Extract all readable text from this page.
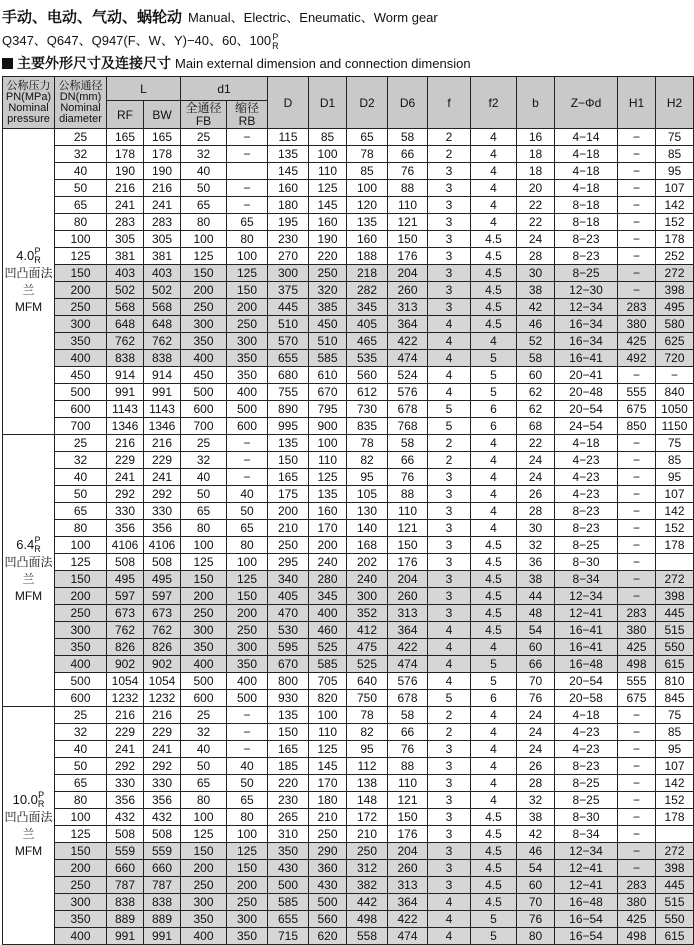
手动、电动、气动、蜗轮动 Manual、Electric、Eneumatic、Worm gear
Q347、Q647、Q947(F、W、Y)−40、60、100P
R
主要外形尺寸及连接尺寸 Main external dimension and connection dimension
公称压力PN(MPa)
Nominal pressure	公称通径DN(mm)
Nominal diameter	L		d1		D	D1	D2	D6	f	f2	b	Z−Φd	H1	H2
		RF	BW	全通径FB	缩径RB										
4.0P
R
凹凸面法兰
MFM	25	165	165	25	−	115	85	65	58	2	4	16	4−14	−	75
	32	178	178	32	−	135	100	78	66	2	4	18	4−18	−	85
	40	190	190	40		145	110	85	76	3	4	18	4−18	−	95
	50	216	216	50	−	160	125	100	88	3	4	20	4−18	−	107
	65	241	241	65	−	180	145	120	110	3	4	22	8−18	−	142
	80	283	283	80	65	195	160	135	121	3	4	22	8−18	−	152
	100	305	305	100	80	230	190	160	150	3	4.5	24	8−23	−	178
	125	381	381	125	100	270	220	188	176	3	4.5	28	8−23	−	252
	150	403	403	150	125	300	250	218	204	3	4.5	30	8−25	−	272
	200	502	502	200	150	375	320	282	260	3	4.5	38	12−30	−	398
	250	568	568	250	200	445	385	345	313	3	4.5	42	12−34	283	495
	300	648	648	300	250	510	450	405	364	4	4.5	46	16−34	380	580
	350	762	762	350	300	570	510	465	422	4	4	52	16−34	425	625
	400	838	838	400	350	655	585	535	474	4	5	58	16−41	492	720
	450	914	914	450	350	680	610	560	524	4	5	60	20−41	−	−
	500	991	991	500	400	755	670	612	576	4	5	62	20−48	555	840
	600	1143	1143	600	500	890	795	730	678	5	6	62	20−54	675	1050
	700	1346	1346	700	600	995	900	835	768	5	6	68	24−54	850	1150
6.4P
R
凹凸面法兰
MFM	25	216	216	25	−	135	100	78	58	2	4	22	4−18	−	75
	32	229	229	32	−	150	110	82	66	2	4	24	4−23	−	85
	40	241	241	40	−	165	125	95	76	3	4	24	4−23	−	95
	50	292	292	50	40	175	135	105	88	3	4	26	4−23	−	107
	65	330	330	65	50	200	160	130	110	3	4	28	8−23	−	142
	80	356	356	80	65	210	170	140	121	3	4	30	8−23	−	152
	100	4106	4106	100	80	250	200	168	150	3	4.5	32	8−25	−	178
	125	508	508	125	100	295	240	202	176	3	4.5	36	8−30	−	
	150	495	495	150	125	340	280	240	204	3	4.5	38	8−34	−	272
	200	597	597	200	150	405	345	300	260	3	4.5	44	12−34	−	398
	250	673	673	250	200	470	400	352	313	3	4.5	48	12−41	283	445
	300	762	762	300	250	530	460	412	364	4	4.5	54	16−41	380	515
	350	826	826	350	300	595	525	475	422	4	4	60	16−41	425	550
	400	902	902	400	350	670	585	525	474	4	5	66	16−48	498	615
	500	1054	1054	500	400	800	705	640	576	4	5	70	20−54	555	810
	600	1232	1232	600	500	930	820	750	678	5	6	76	20−58	675	845
10.0P
R
凹凸面法兰
MFM	25	216	216	25	−	135	100	78	58	2	4	24	4−18	−	75
	32	229	229	32	−	150	110	82	66	2	4	24	4−23	−	85
	40	241	241	40	−	165	125	95	76	3	4	24	4−23	−	95
	50	292	292	50	40	185	145	112	88	3	4	26	8−23	−	107
	65	330	330	65	50	220	170	138	110	3	4	28	8−25	−	142
	80	356	356	80	65	230	180	148	121	3	4	32	8−25	−	152
	100	432	432	100	80	265	210	172	150	3	4.5	38	8−30	−	178
	125	508	508	125	100	310	250	210	176	3	4.5	42	8−34	−	
	150	559	559	150	125	350	290	250	204	3	4.5	46	12−34	−	272
	200	660	660	200	150	430	360	312	260	3	4.5	54	12−41	−	398
	250	787	787	250	200	500	430	382	313	3	4.5	60	12−41	283	445
	300	838	838	300	250	585	500	442	364	4	4.5	70	16−48	380	515
	350	889	889	350	300	655	560	498	422	4	5	76	16−54	425	550
	400	991	991	400	350	715	620	558	474	4	5	80	16−54	498	615
